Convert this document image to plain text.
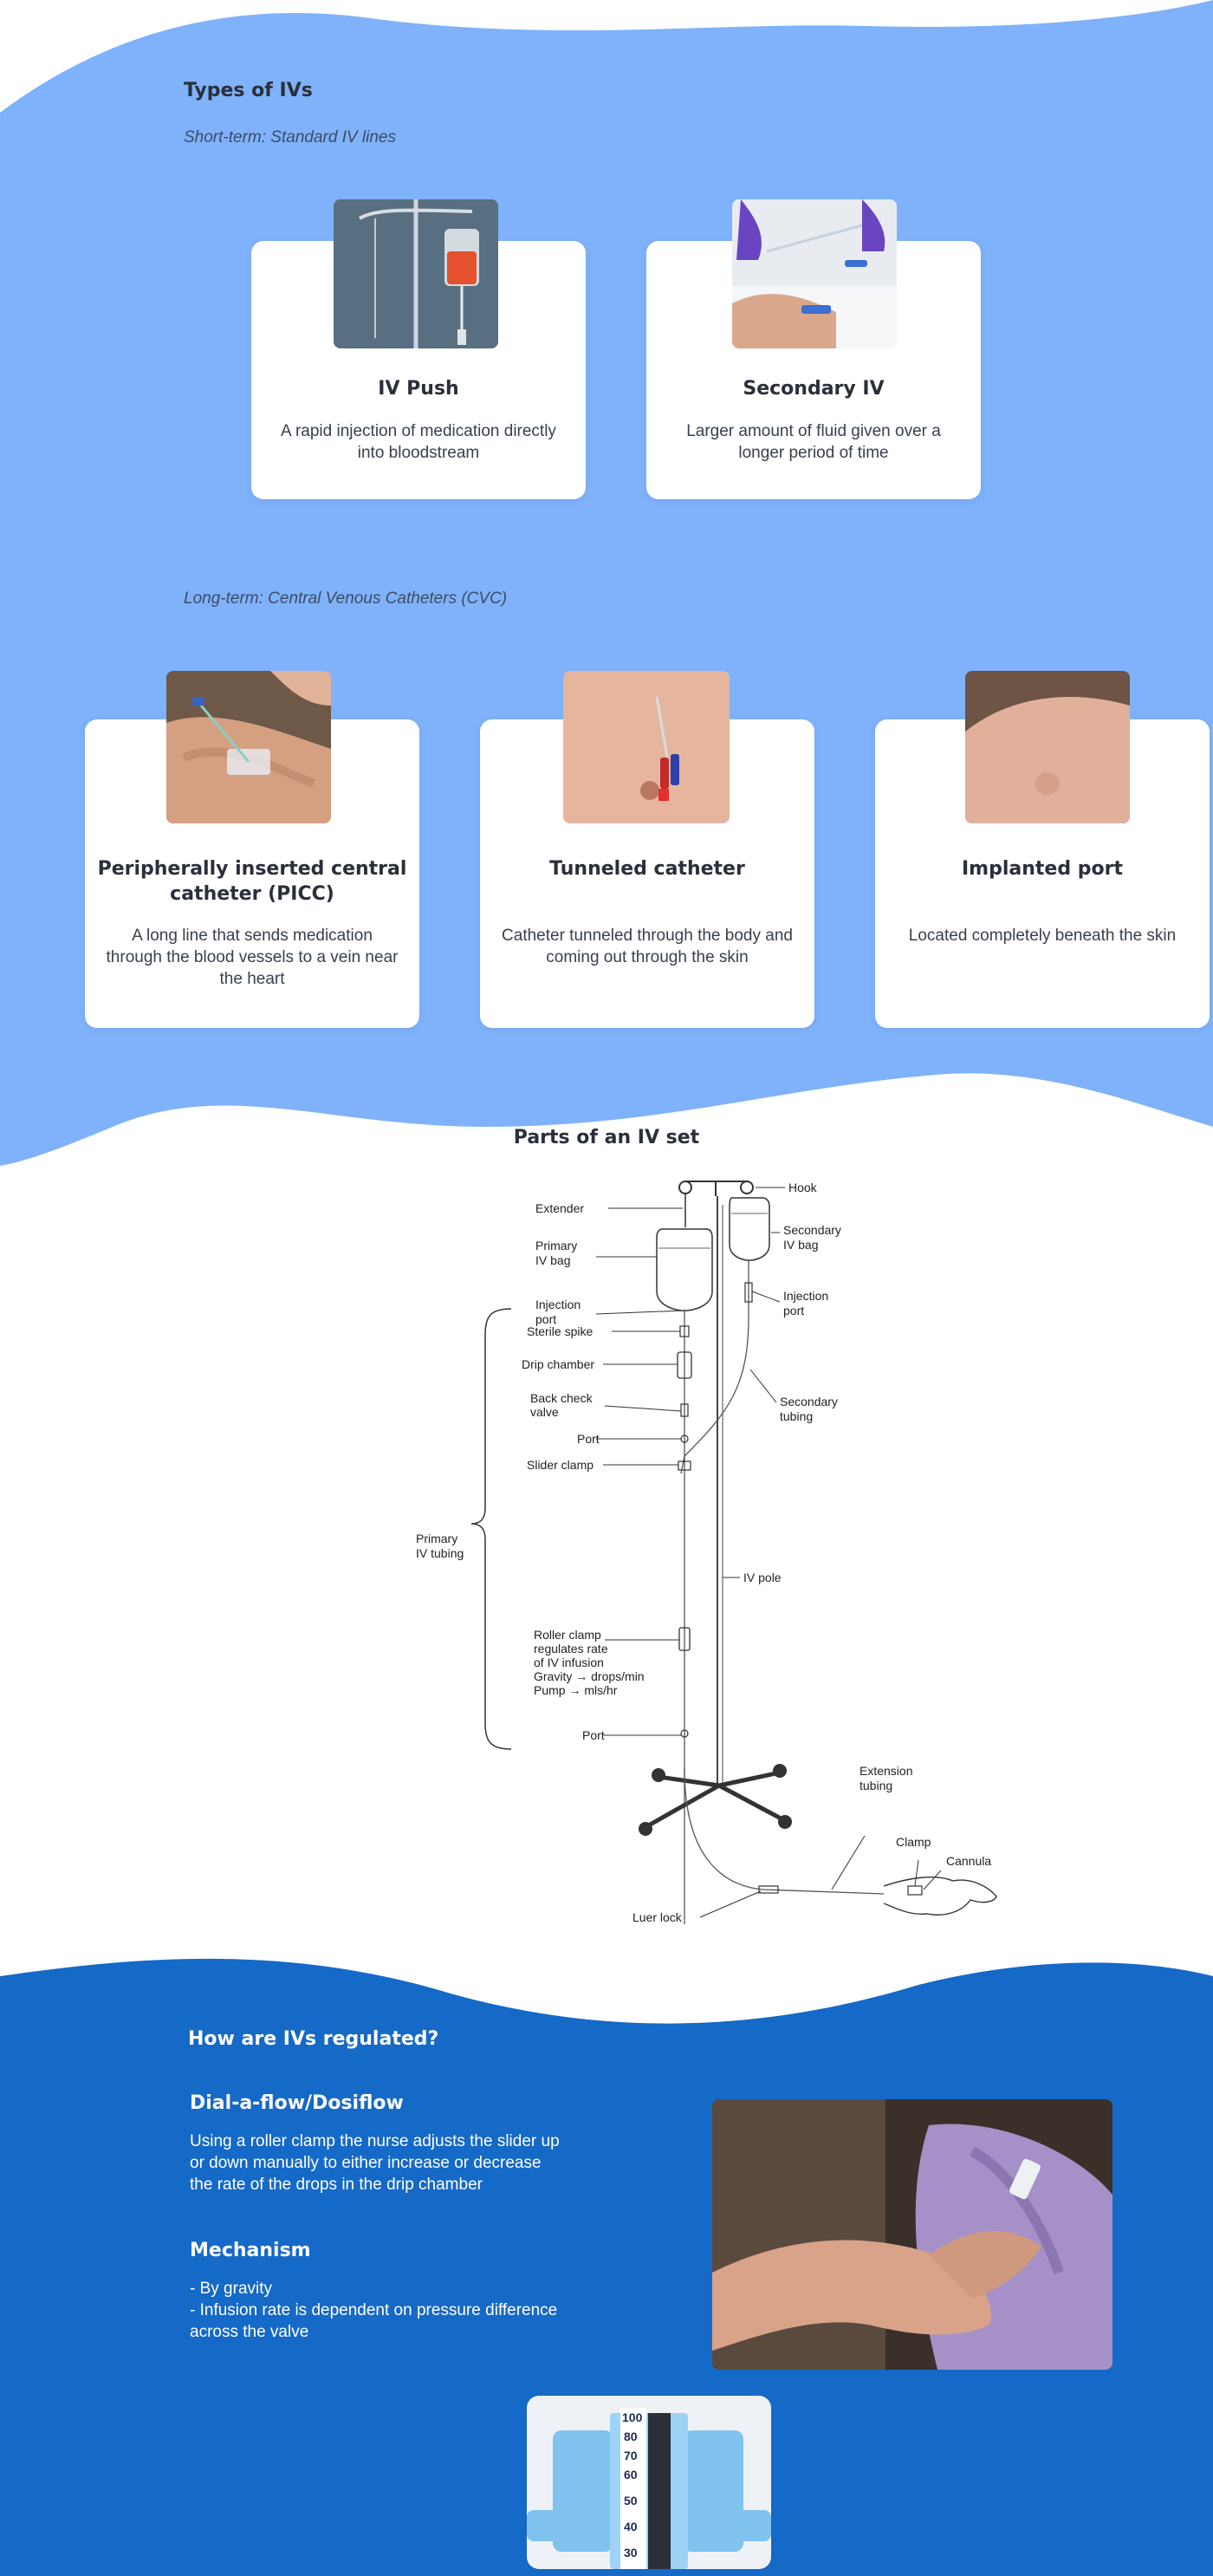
Types of IVs
Short-term: Standard IV lines
IV Push
A rapid injection of medication directly into bloodstream
Secondary IV
Larger amount of fluid given over a longer period of time
Long-term: Central Venous Catheters (CVC)
Peripherally inserted central catheter (PICC)
A long line that sends medication through the blood vessels to a vein near the heart
Tunneled catheter
Catheter tunneled through the body and coming out through the skin
Implanted port
Located completely beneath the skin
Parts of an IV set
Hook
Extender
Secondary
IV bag
Primary
IV bag
Injection
port
Injection
port
Sterile spike
Drip chamber
Secondary
tubing
Back check
valve
Port
Slider clamp
Primary
IV tubing
IV pole
Roller clamp
regulates rate
of IV infusion
Gravity → drops/min
Pump → mls/hr
Port
Extension
tubing
Clamp
Cannula
Luer lock
How are IVs regulated?
Dial-a-flow/Dosiflow
Using a roller clamp the nurse adjusts the slider up
or down manually to either increase or decrease
the rate of the drops in the drip chamber
Mechanism
- By gravity
- Infusion rate is dependent on pressure difference
across the valve
100
80
70
60
50
40
30
